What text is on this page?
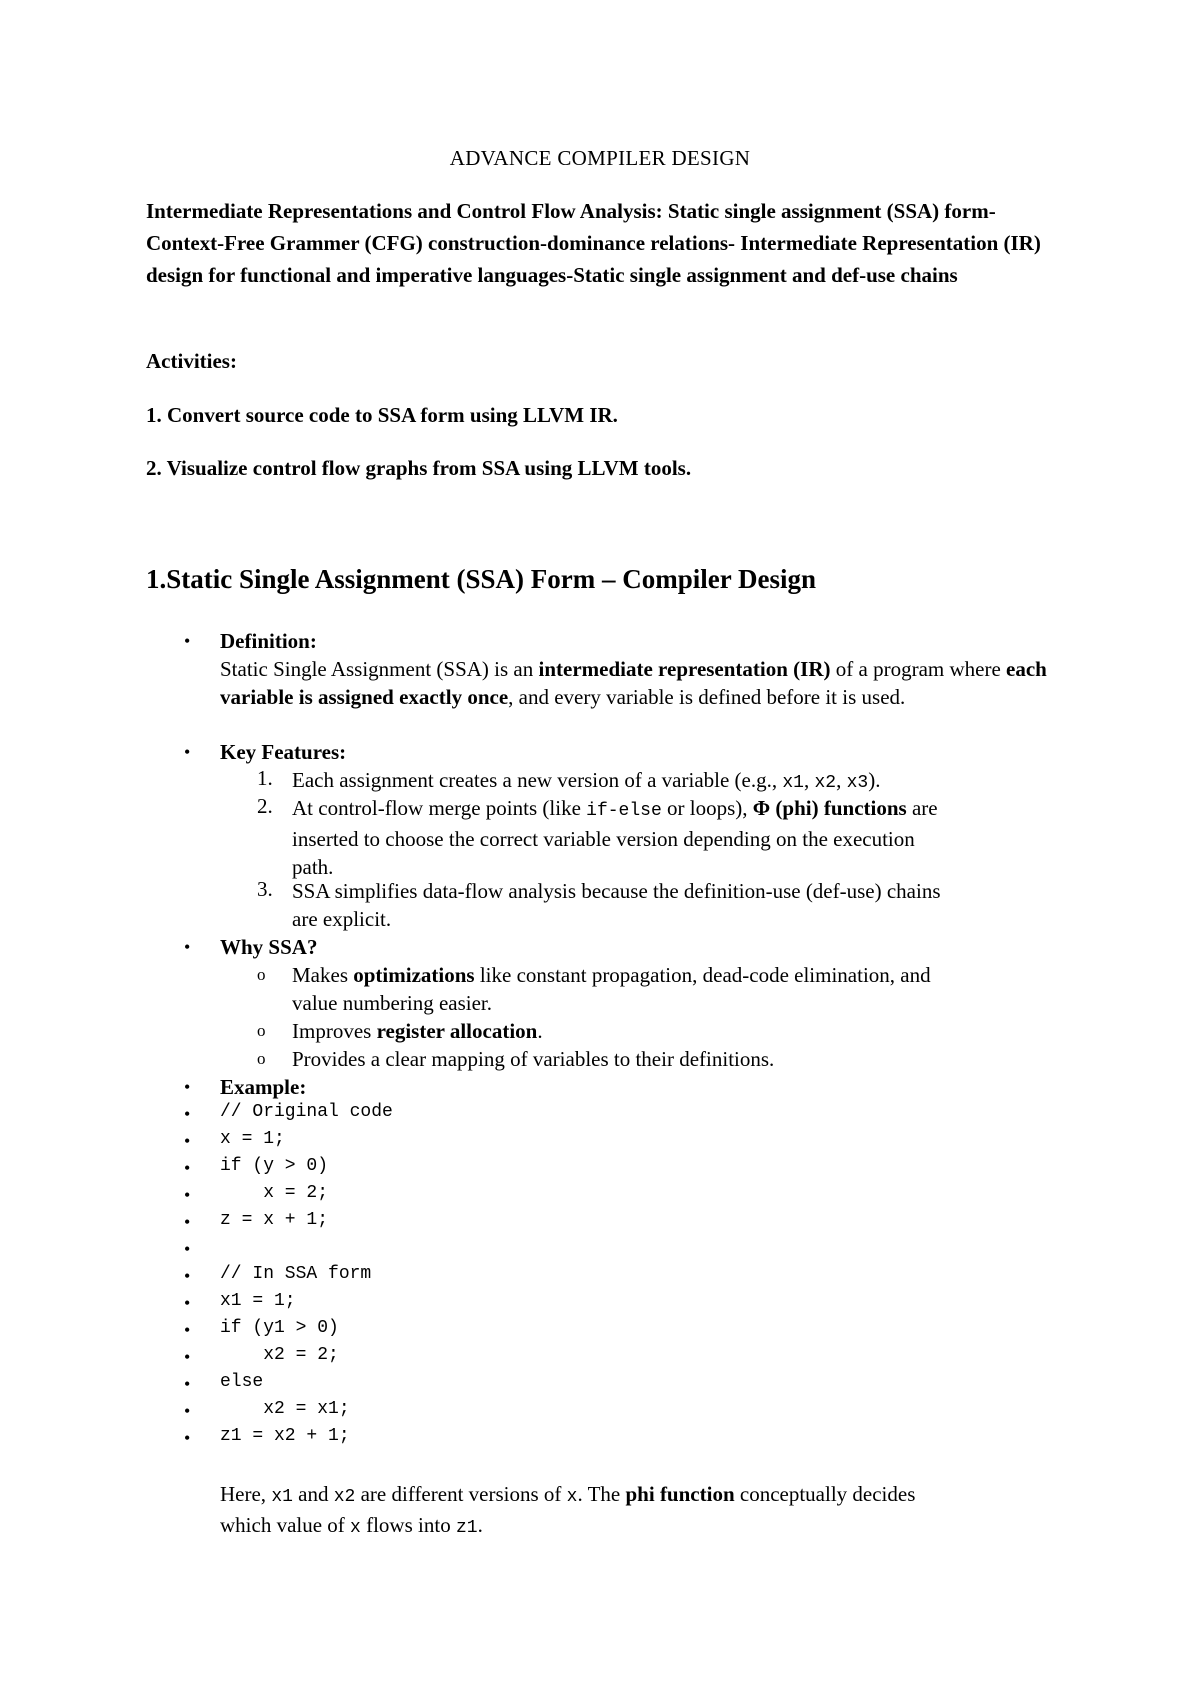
ADVANCE COMPILER DESIGN
Intermediate Representations and Control Flow Analysis: Static single assignment (SSA) form- Context-Free Grammer (CFG) construction-dominance relations- Intermediate Representation (IR) design for functional and imperative languages-Static single assignment and def-use chains
Activities:
1. Convert source code to SSA form using LLVM IR.
2. Visualize control flow graphs from SSA using LLVM tools.
1.Static Single Assignment (SSA) Form – Compiler Design
• Definition:
Static Single Assignment (SSA) is an intermediate representation (IR) of a program where each variable is assigned exactly once, and every variable is defined before it is used.
• Key Features:
1. Each assignment creates a new version of a variable (e.g., x1, x2, x3).
2. At control-flow merge points (like if-else or loops), Φ (phi) functions are
inserted to choose the correct variable version depending on the execution
path.
3. SSA simplifies data-flow analysis because the definition-use (def-use) chains
are explicit.
• Why SSA?
o Makes optimizations like constant propagation, dead-code elimination, and
value numbering easier.
o Improves register allocation.
o Provides a clear mapping of variables to their definitions.
• Example:
• // Original code
• x = 1;
• if (y > 0)
• x = 2;
• z = x + 1;
•
• // In SSA form
• x1 = 1;
• if (y1 > 0)
• x2 = 2;
• else
• x2 = x1;
• z1 = x2 + 1;
Here, x1 and x2 are different versions of x. The phi function conceptually decides
which value of x flows into z1.
